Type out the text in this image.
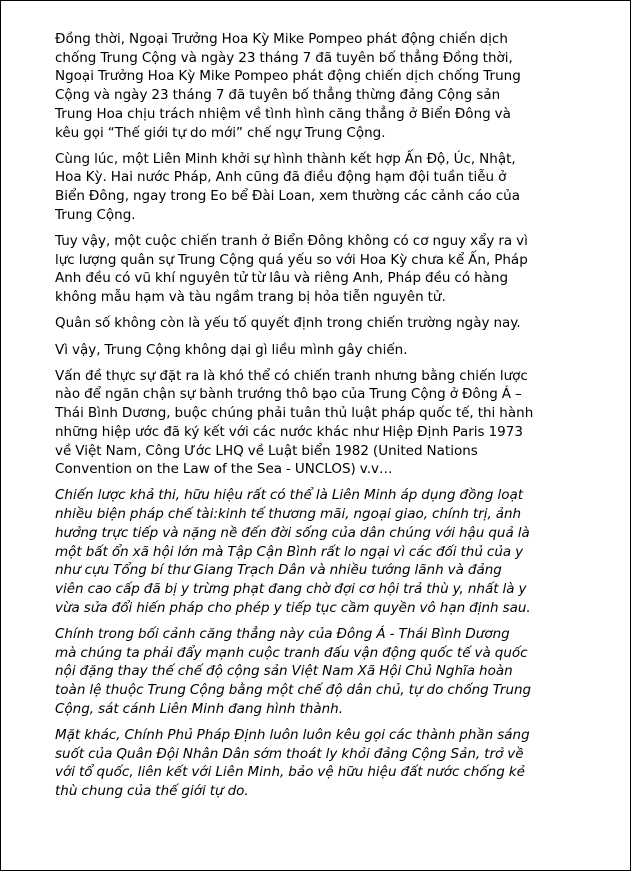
Đồng thời, Ngoại Trưởng Hoa Kỳ Mike Pompeo phát động chiến dịch
chống Trung Cộng và ngày 23 tháng 7 đã tuyên bố thẳng Đồng thời,
Ngoại Trưởng Hoa Kỳ Mike Pompeo phát động chiến dịch chống Trung
Cộng và ngày 23 tháng 7 đã tuyên bố thẳng thừng đảng Cộng sản
Trung Hoa chịu trách nhiệm về tình hình căng thẳng ở Biển Đông và
kêu gọi “Thế giới tự do mới” chế ngự Trung Cộng.

Cùng lúc, một Liên Minh khởi sự hình thành kết hợp Ấn Độ, Úc, Nhật,
Hoa Kỳ. Hai nước Pháp, Anh cũng đã điều động hạm đội tuần tiễu ở
Biển Đông, ngay trong Eo bể Đài Loan, xem thường các cảnh cáo của
Trung Cộng.

Tuy vậy, một cuộc chiến tranh ở Biển Đông không có cơ nguy xẩy ra vì
lực lượng quân sự Trung Cộng quá yếu so với Hoa Kỳ chưa kể Ấn, Pháp
Anh đều có vũ khí nguyên tử từ lâu và riêng Anh, Pháp đều có hàng
không mẫu hạm và tàu ngầm trang bị hỏa tiễn nguyên tử.

Quân số không còn là yếu tố quyết định trong chiến trường ngày nay.

Vì vậy, Trung Cộng không dại gì liều mình gây chiến.

Vấn đề thực sự đặt ra là khó thể có chiến tranh nhưng bằng chiến lược
nào để ngăn chận sự bành trướng thô bạo của Trung Cộng ở Đông Á –
Thái Bình Dương, buộc chúng phải tuân thủ luật pháp quốc tế, thi hành
những hiệp ước đã ký kết với các nước khác như Hiệp Định Paris 1973
về Việt Nam, Công Ước LHQ về Luật biển 1982 (United Nations
Convention on the Law of the Sea - UNCLOS) v.v…

Chiến lược khả thi, hữu hiệu rất có thể là Liên Minh áp dụng đồng loạt
nhiều biện pháp chế tài:kinh tế thương mãi, ngoại giao, chính trị, ảnh
hưởng trực tiếp và nặng nề đến đời sống của dân chúng với hậu quả là
một bất ổn xã hội lớn mà Tập Cận Bình rất lo ngại vì các đối thủ của y
như cựu Tổng bí thư Giang Trạch Dân và nhiều tướng lãnh và đảng
viên cao cấp đã bị y trừng phạt đang chờ đợi cơ hội trả thù y, nhất là y
vừa sửa đổi hiến pháp cho phép y tiếp tục cầm quyền vô hạn định sau.

Chính trong bối cảnh căng thẳng này của Đông Á - Thái Bình Dương
mà chúng ta phải đẩy mạnh cuộc tranh đấu vận động quốc tế và quốc
nội đặng thay thế chế độ cộng sản Việt Nam Xã Hội Chủ Nghĩa hoàn
toàn lệ thuộc Trung Cộng bằng một chế độ dân chủ, tự do chống Trung
Cộng, sát cánh Liên Minh đang hình thành.

Mặt khác, Chính Phủ Pháp Định luôn luôn kêu gọi các thành phần sáng
suốt của Quân Đội Nhân Dân sớm thoát ly khỏi đảng Cộng Sản, trở về
với tổ quốc, liên kết với Liên Minh, bảo vệ hữu hiệu đất nước chống kẻ
thù chung của thế giới tự do.
